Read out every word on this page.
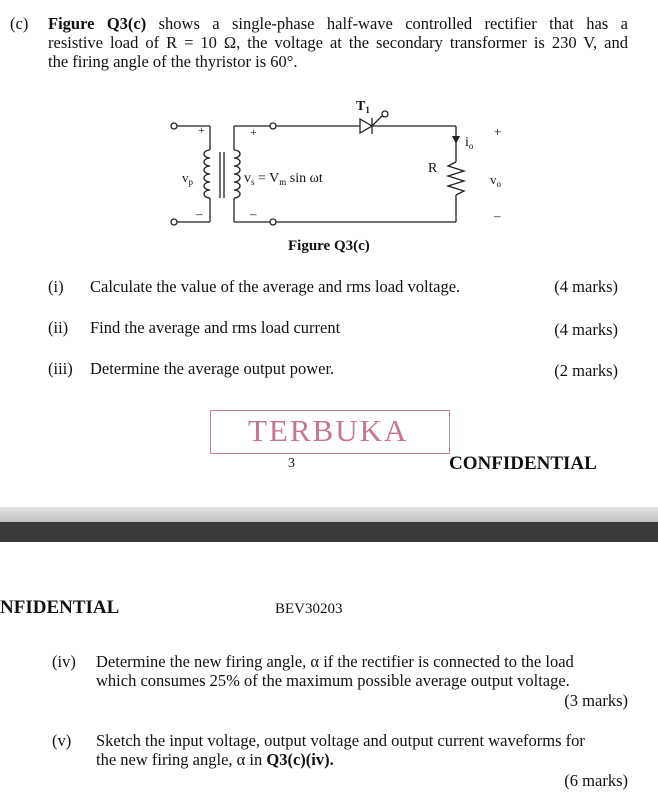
(c) Figure Q3(c) shows a single-phase half-wave controlled rectifier that has a
resistive load of R = 10 Ω, the voltage at the secondary transformer is 230 V, and
the firing angle of the thyristor is 60°.
+
–
+
–
$v_p$	$v_s = V_m$ sin ωt
$T_1$
R
$i_o$
+
$v_o$
–
Figure Q3(c)
(i) Calculate the value of the average and rms load voltage.	(4 marks)
(ii) Find the average and rms load current	(4 marks)
(iii) Determine the average output power.	(2 marks)
TERBUKA
3	CONFIDENTIAL
NFIDENTIAL	BEV30203
(iv) Determine the new firing angle, α if the rectifier is connected to the load
which consumes 25% of the maximum possible average output voltage.
(3 marks)
(v) Sketch the input voltage, output voltage and output current waveforms for
the new firing angle, α in Q3(c)(iv).
(6 marks)
